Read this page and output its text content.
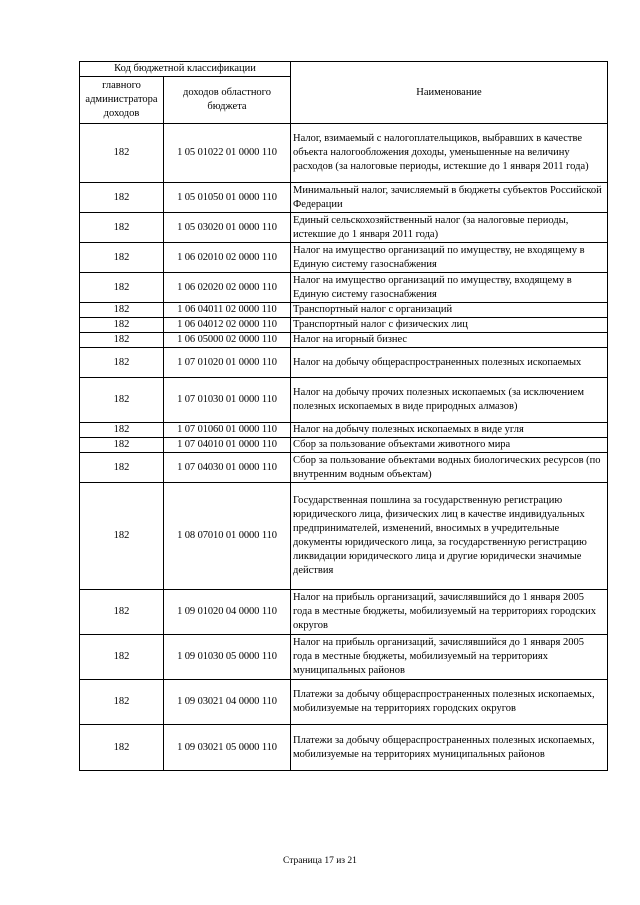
Код бюджетной классификации		Наименование
главного администратора доходов	доходов областного бюджета	
182	1 05 01022 01 0000 110	Налог, взимаемый с налогоплательщиков, выбравших в качестве объекта налогообложения доходы, уменьшенные на величину расходов (за налоговые периоды, истекшие до 1 января 2011 года)
182	1 05 01050 01 0000 110	Минимальный налог, зачисляемый в бюджеты субъектов Российской Федерации
182	1 05 03020 01 0000 110	Единый сельскохозяйственный налог (за налоговые периоды, истекшие до 1 января 2011 года)
182	1 06 02010 02 0000 110	Налог на имущество организаций по имуществу, не входящему в Единую систему газоснабжения
182	1 06 02020 02 0000 110	Налог на имущество организаций по имуществу, входящему в Единую систему газоснабжения
182	1 06 04011 02 0000 110	Транспортный налог с организаций
182	1 06 04012 02 0000 110	Транспортный налог с физических лиц
182	1 06 05000 02 0000 110	Налог на игорный бизнес
182	1 07 01020 01 0000 110	Налог на добычу общераспространенных полезных ископаемых
182	1 07 01030 01 0000 110	Налог на добычу прочих полезных ископаемых (за исключением полезных ископаемых в виде природных алмазов)
182	1 07 01060 01 0000 110	Налог на добычу полезных ископаемых в виде угля
182	1 07 04010 01 0000 110	Сбор за пользование объектами животного мира
182	1 07 04030 01 0000 110	Сбор за пользование объектами водных биологических ресурсов (по внутренним водным объектам)
182	1 08 07010 01 0000 110	Государственная пошлина за государственную регистрацию юридического лица, физических лиц в качестве индивидуальных предпринимателей, изменений, вносимых в учредительные документы юридического лица, за государственную регистрацию ликвидации юридического лица и другие юридически значимые действия
182	1 09 01020 04 0000 110	Налог на прибыль организаций, зачислявшийся до 1 января 2005 года в местные бюджеты, мобилизуемый на территориях городских округов
182	1 09 01030 05 0000 110	Налог на прибыль организаций, зачислявшийся до 1 января 2005 года в местные бюджеты, мобилизуемый на территориях муниципальных районов
182	1 09 03021 04 0000 110	Платежи за добычу общераспространенных полезных ископаемых, мобилизуемые на территориях городских округов
182	1 09 03021 05 0000 110	Платежи за добычу общераспространенных полезных ископаемых, мобилизуемые на территориях муниципальных районов
Страница 17 из 21
